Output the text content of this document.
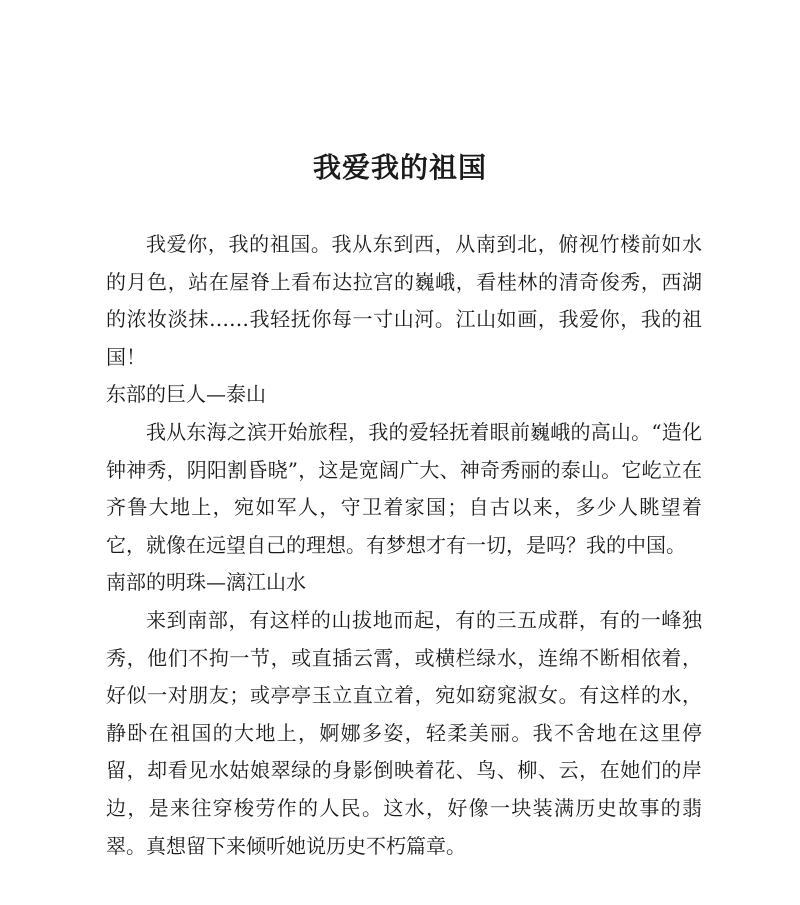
我爱我的祖国

我爱你，我的祖国。我从东到西，从南到北，俯视竹楼前如水的月色，站在屋脊上看布达拉宫的巍峨，看桂林的清奇俊秀，西湖的浓妆淡抹……我轻抚你每一寸山河。江山如画，我爱你，我的祖国！

东部的巨人—泰山

我从东海之滨开始旅程，我的爱轻抚着眼前巍峨的高山。“造化钟神秀，阴阳割昏晓”，这是宽阔广大、神奇秀丽的泰山。它屹立在齐鲁大地上，宛如军人，守卫着家国；自古以来，多少人眺望着它，就像在远望自己的理想。有梦想才有一切，是吗？我的中国。

南部的明珠—漓江山水

来到南部，有这样的山拔地而起，有的三五成群，有的一峰独秀，他们不拘一节，或直插云霄，或横栏绿水，连绵不断相依着，好似一对朋友；或亭亭玉立直立着，宛如窈窕淑女。有这样的水，静卧在祖国的大地上，婀娜多姿，轻柔美丽。我不舍地在这里停留，却看见水姑娘翠绿的身影倒映着花、鸟、柳、云，在她们的岸边，是来往穿梭劳作的人民。这水，好像一块装满历史故事的翡翠。真想留下来倾听她说历史不朽篇章。
